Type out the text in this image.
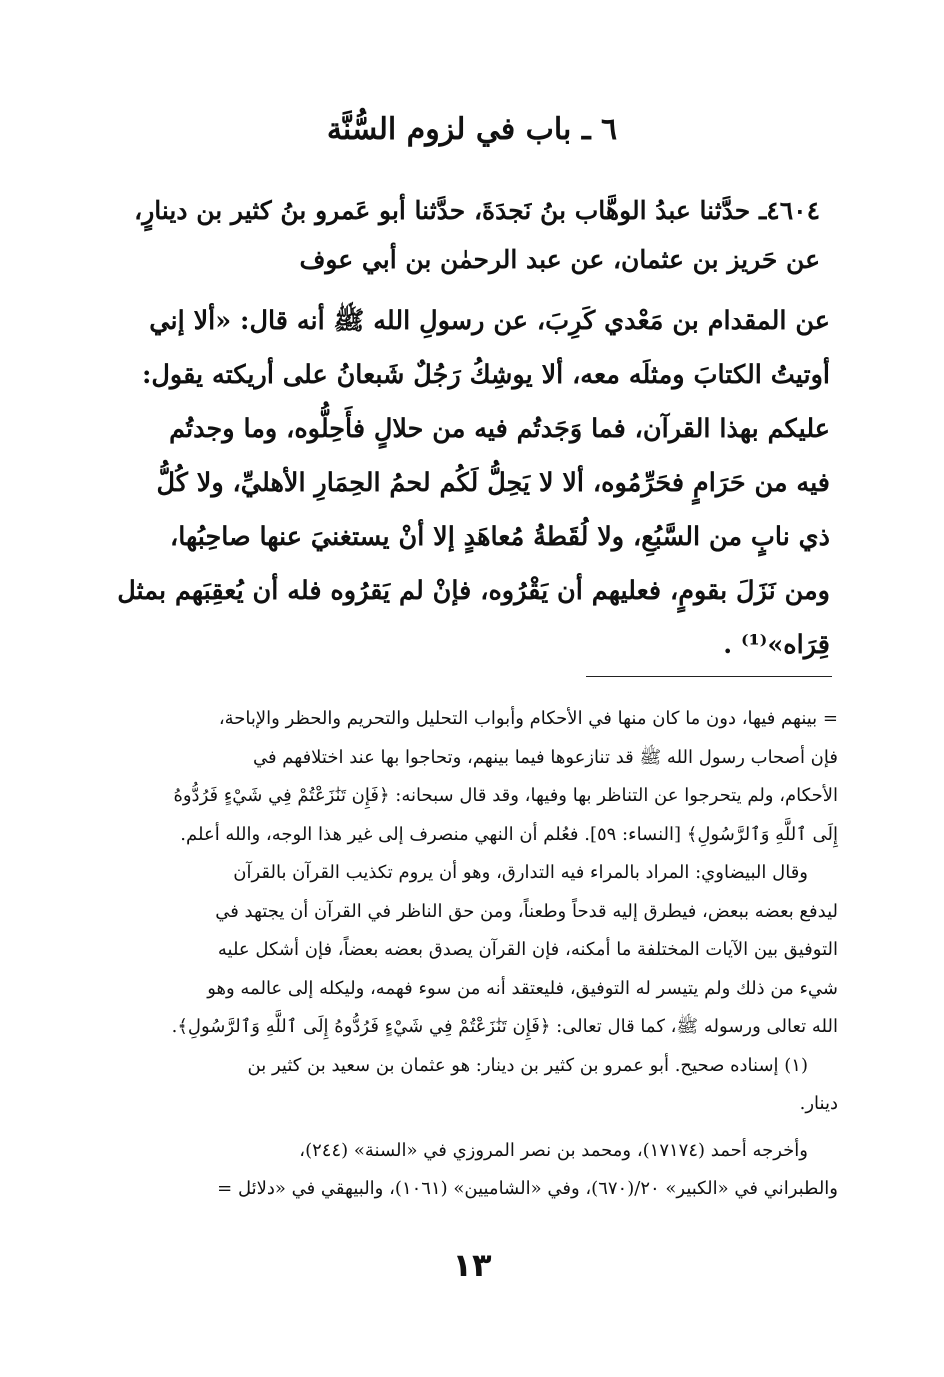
٦ ـ باب في لزوم السُّنَّة
٤٦٠٤ـ حدَّثنا عبدُ الوهَّاب بنُ نَجدَةَ، حدَّثنا أبو عَمرو بنُ كثير بن دينارٍ،
عن حَريز بن عثمان، عن عبد الرحمٰن بن أبي عوف
عن المقدام بن مَعْدي كَرِبَ، عن رسولِ الله ﷺ أنه قال: «ألا إني
أوتيتُ الكتابَ ومثلَه معه، ألا يوشِكُ رَجُلٌ شَبعانُ على أريكته يقول:
عليكم بهذا القرآن، فما وَجَدتُم فيه من حلالٍ فأَحِلُّوه، وما وجدتُم
فيه من حَرَامٍ فحَرِّمُوه، ألا لا يَحِلُّ لَكُم لحمُ الحِمَارِ الأهليِّ، ولا كُلُّ
ذي نابٍ من السَّبُعِ، ولا لُقَطةُ مُعاهَدٍ إلا أنْ يستغنيَ عنها صاحِبُها،
ومن نَزَلَ بقومٍ، فعليهم أن يَقْرُوه، فإنْ لم يَقرُوه فله أن يُعقِبَهم بمثل
قِرَاه»⁽¹⁾ .
= بينهم فيها، دون ما كان منها في الأحكام وأبواب التحليل والتحريم والحظر والإباحة،
فإن أصحاب رسول الله ﷺ قد تنازعوها فيما بينهم، وتحاجوا بها عند اختلافهم في
الأحكام، ولم يتحرجوا عن التناظر بها وفيها، وقد قال سبحانه: ﴿فَإِن تَنَٰزَعْتُمْ فِي شَيْءٍ فَرُدُّوهُ
إِلَى ٱللَّهِ وَٱلرَّسُولِ﴾ [النساء: ٥٩]. فعُلم أن النهي منصرف إلى غير هذا الوجه، والله أعلم.
وقال البيضاوي: المراد بالمراء فيه التدارق، وهو أن يروم تكذيب القرآن بالقرآن
ليدفع بعضه ببعض، فيطرق إليه قدحاً وطعناً، ومن حق الناظر في القرآن أن يجتهد في
التوفيق بين الآيات المختلفة ما أمكنه، فإن القرآن يصدق بعضه بعضاً، فإن أشكل عليه
شيء من ذلك ولم يتيسر له التوفيق، فليعتقد أنه من سوء فهمه، وليكله إلى عالمه وهو
الله تعالى ورسوله ﷺ، كما قال تعالى: ﴿فَإِن تَنَٰزَعْتُمْ فِي شَيْءٍ فَرُدُّوهُ إِلَى ٱللَّهِ وَٱلرَّسُولِ﴾.
(١) إسناده صحيح. أبو عمرو بن كثير بن دينار: هو عثمان بن سعيد بن كثير بن
دينار.
وأخرجه أحمد (١٧١٧٤)، ومحمد بن نصر المروزي في «السنة» (٢٤٤)،
والطبراني في «الكبير» ٢٠/(٦٧٠)، وفي «الشاميين» (١٠٦١)، والبيهقي في «دلائل =
١٣
